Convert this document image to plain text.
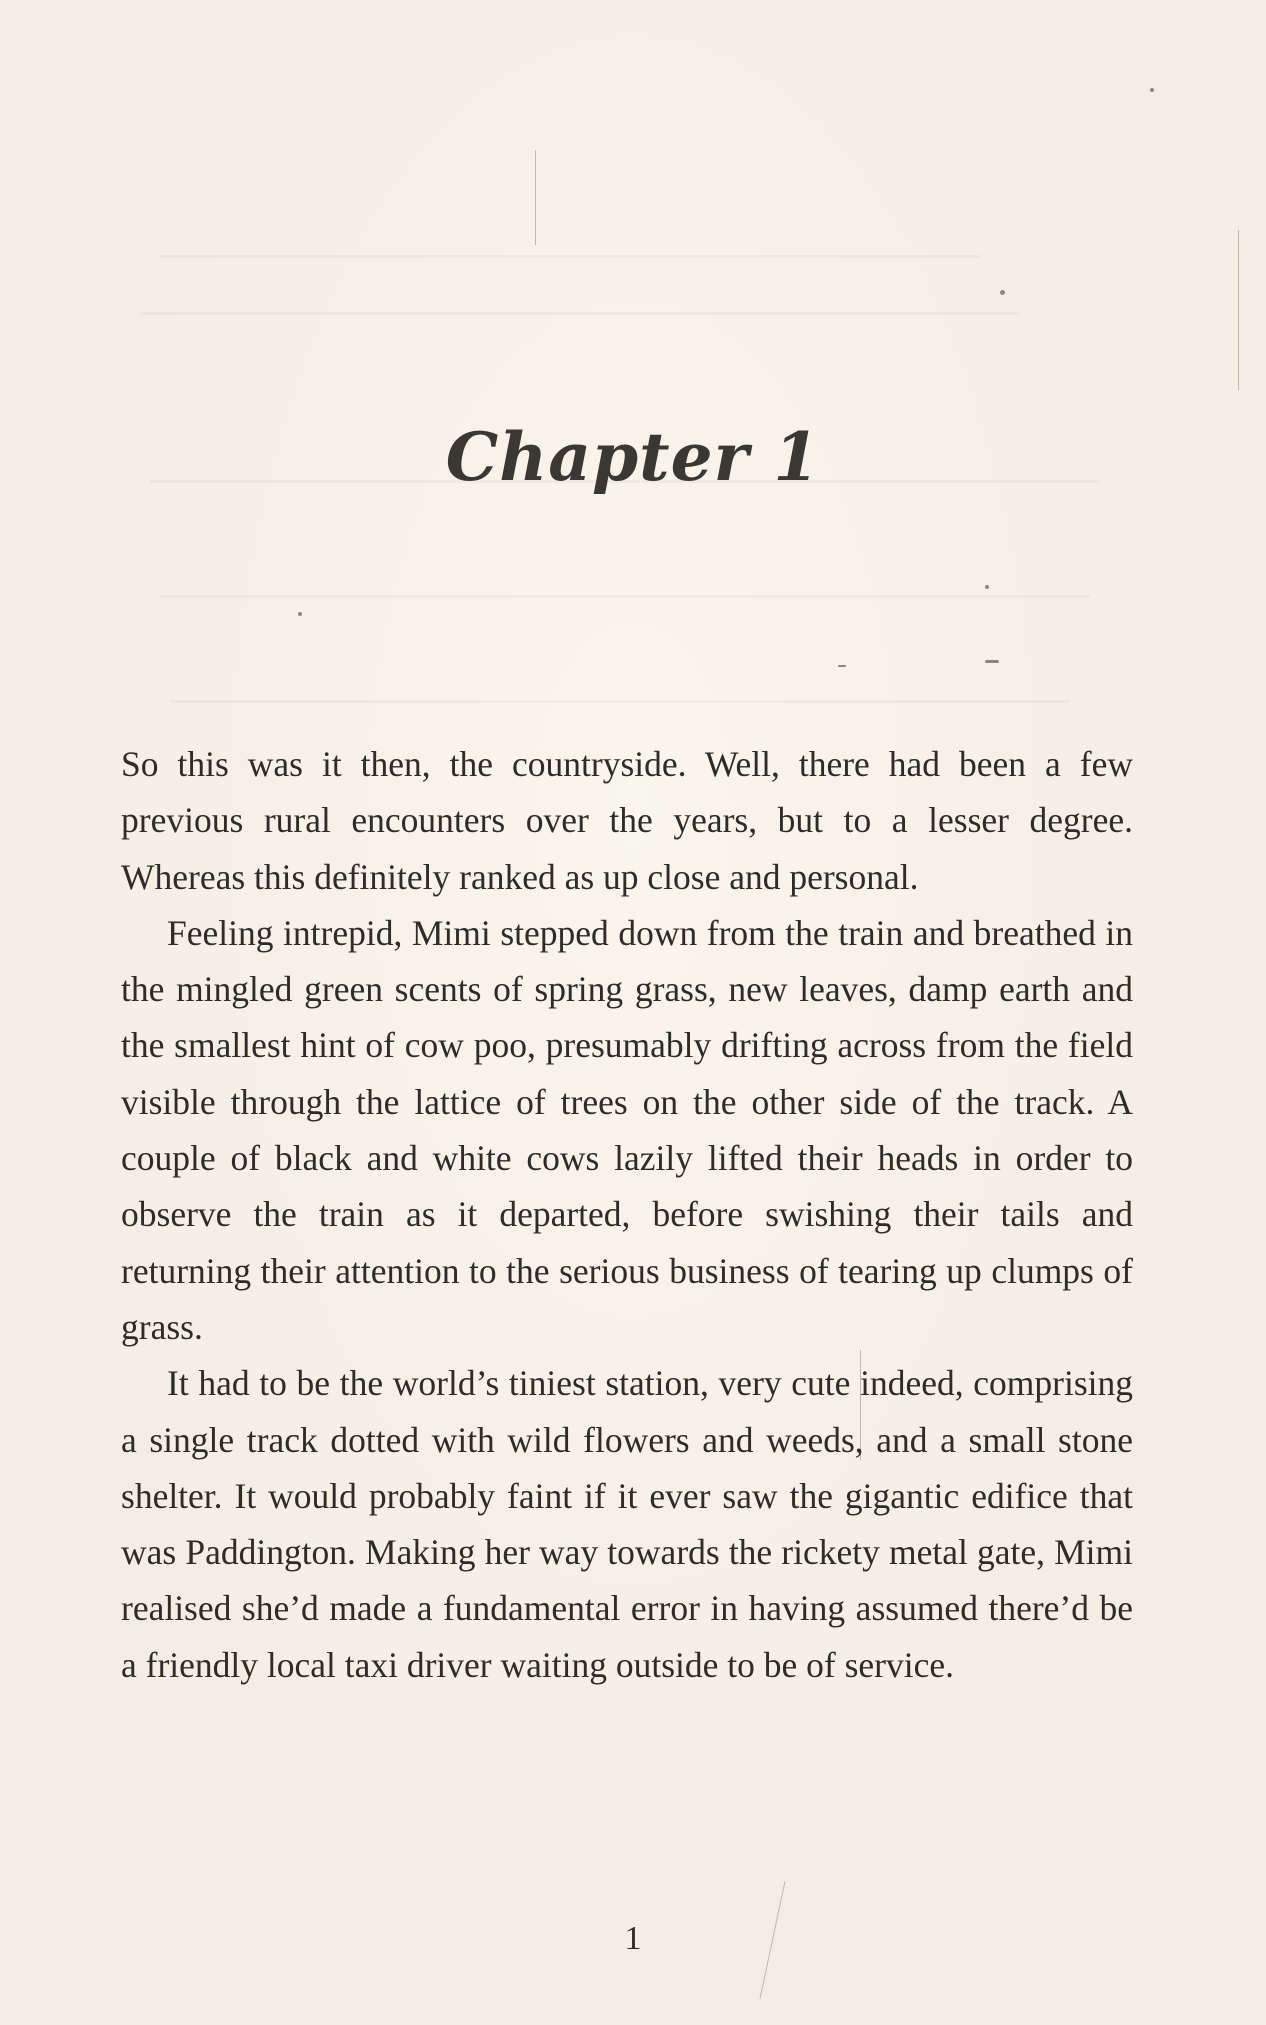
Chapter 1

So this was it then, the countryside. Well, there had been a few previous rural encounters over the years, but to a lesser degree. Whereas this definitely ranked as up close and personal.

Feeling intrepid, Mimi stepped down from the train and breathed in the mingled green scents of spring grass, new leaves, damp earth and the smallest hint of cow poo, presumably drifting across from the field visible through the lattice of trees on the other side of the track. A couple of black and white cows lazily lifted their heads in order to observe the train as it departed, before swishing their tails and returning their attention to the serious business of tearing up clumps of grass.

It had to be the world’s tiniest station, very cute indeed, comprising a single track dotted with wild flowers and weeds, and a small stone shelter. It would probably faint if it ever saw the gigantic edifice that was Paddington. Making her way towards the rickety metal gate, Mimi realised she’d made a fundamental error in having assumed there’d be a friendly local taxi driver waiting outside to be of service.

1
